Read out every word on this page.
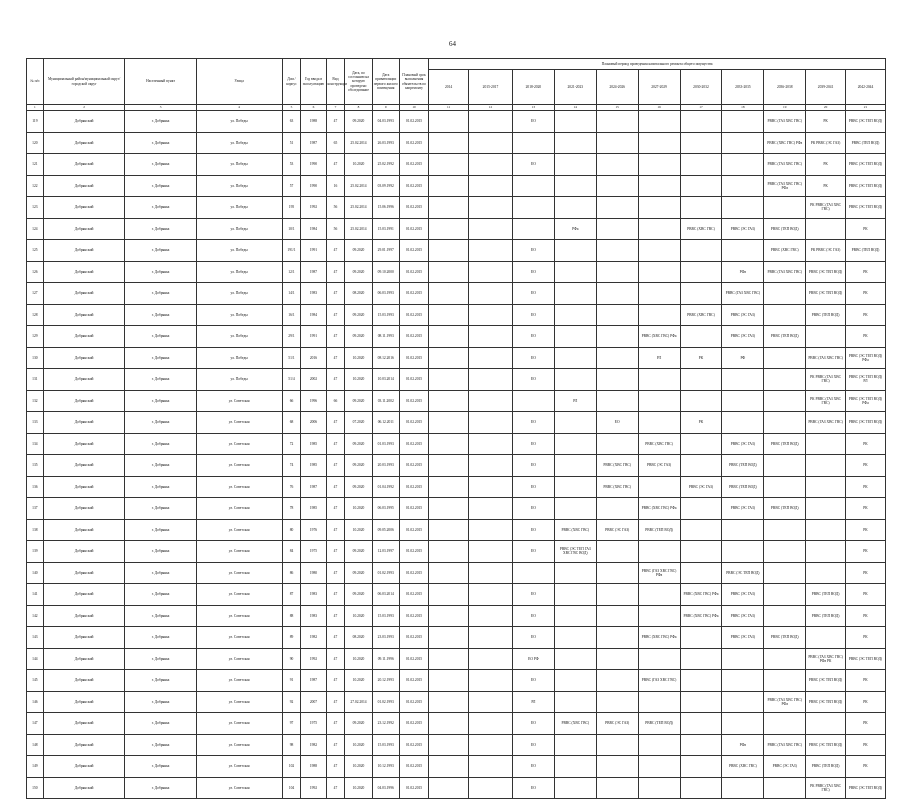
64
№ п/п	Муниципальный район/муниципальный округ/городской округ	Населенный пункт	Улица	Дом / корпус	Год ввода в эксплуатацию	Вид конструкции	Дата, по состоянию на которую проведено обследование	Дата приватизации первого жилого помещения	Плановый срок выполнения обязательств по капремонту	Плановый период проведения капитального ремонта общего имущества										
										2014	2015-2017	2018-2020	2021-2023	2024-2026	2027-2029	2030-2032	2033-2035	2036-2038	2039-2041	2042-2044
1	2	3	4	5	6	7	8	9	10	11	12	13	14	15	16	17	18	19	20	21
119	Добрянский	г. Добрянка	ул. Победы	63	1988	47	09.2020	04.03.1993	01.02.2015			ЕО						РВВС (ГАЗ ХВС ГВС)	РК	РВВС (ЭС ТЕП ВОД)
120	Добрянский	г. Добрянка	ул. Победы	51	1987	65	25.02.2014	26.03.1993	01.02.2015									РВВС (ХВС ГВС) РФа	РК РВВС (ЭС ГАЗ)	РВВС (ТЕП ВОД)
121	Добрянский	г. Добрянка	ул. Победы	53	1990	47	10.2020	25.02.1992	01.02.2015			ЕО						РВВС (ГАЗ ХВС ГВС)	РК	РВВС (ЭС ТЕП ВОД)
122	Добрянский	г. Добрянка	ул. Победы	57	1990	16	25.02.2014	03.09.1992	01.02.2015									РВВС (ГАЗ ХВС ГВС) РФа	РК	РВВС (ЭС ТЕП ВОД)
123	Добрянский	г. Добрянка	ул. Победы	195	1992	56	25.02.2014	15.06.1996	01.02.2015										РК РВВС (ГАЗ ХВС ГВС)	РВВС (ЭС ТЕП ВОД)
124	Добрянский	г. Добрянка	ул. Победы	10/1	1984	56	25.02.2014	15.03.1991	01.02.2015				РФа			РВВС (ХВС ГВС)	РВВС (ЭС ГАЗ)	РВВС (ТЕП ВОД)		РК
125	Добрянский	г. Добрянка	ул. Победы	191/1	1991	47	09.2020	29.01.1997	01.02.2015			ЕО						РВВС (ХВС ГВС)	РК РВВС (ЭС ГАЗ)	РВВС (ТЕП ВОД)
126	Добрянский	г. Добрянка	ул. Победы	12/1	1987	47	09.2020	09.10.2000	01.02.2015			ЕО					РФа	РВВС (ГАЗ ХВС ГВС)	РВВС (ЭС ТЕП ВОД)	РК
127	Добрянский	г. Добрянка	ул. Победы	14/1	1983	47	08.2020	06.03.1993	01.02.2015			ЕО					РВВС (ГАЗ ХВС ГВС)		РВВС (ЭС ТЕП ВОД)	РК
128	Добрянский	г. Добрянка	ул. Победы	16/1	1984	47	09.2020	15.03.1993	01.02.2015			ЕО				РВВС (ХВС ГВС)	РВВС (ЭС ГАЗ)		РВВС (ТЕП ВОД)	РК
129	Добрянский	г. Добрянка	ул. Победы	29/1	1991	47	09.2020	08.11.1993	01.02.2015			ЕО			РВВС (ХВС ГВС) РФа		РВВС (ЭС ГАЗ)	РВВС (ТЕП ВОД)		РК
130	Добрянский	г. Добрянка	ул. Победы	51/1	2016	47	10.2020	08.12.2016	01.02.2015			ЕО			РЛ	РК	РФ		РВВС (ГАЗ ХВС ГВС)	РВВС (ЭС ТЕП ВОД) РФа
131	Добрянский	г. Добрянка	ул. Победы	51/4	2002	47	10.2020	10.03.2014	01.02.2015			ЕО							РК РВВС (ГАЗ ХВС ГВС)	РВВС (ЭС ТЕП ВОД) РЛ
132	Добрянский	г. Добрянка	ул. Советская	66	1996	66	09.2020	03.11.2002	01.02.2015				РЛ						РК РВВС (ГАЗ ХВС ГВС)	РВВС (ЭС ТЕП ВОД) РФа
133	Добрянский	г. Добрянка	ул. Советская	68	2006	47	07.2020	06.12.2011	01.02.2015			ЕО		ЕО		РК			РВВС (ГАЗ ХВС ГВС)	РВВС (ЭС ТЕП ВОД)
134	Добрянский	г. Добрянка	ул. Советская	72	1985	47	09.2020	01.03.1993	01.02.2015			ЕО			РВВС (ХВС ГВС)		РВВС (ЭС ГАЗ)	РВВС (ТЕП ВОД)		РК
135	Добрянский	г. Добрянка	ул. Советская	74	1985	47	09.2020	20.03.1993	01.02.2015			ЕО		РВВС (ХВС ГВС)	РВВС (ЭС ГАЗ)		РВВС (ТЕП ВОД)			РК
136	Добрянский	г. Добрянка	ул. Советская	76	1987	47	09.2020	01.04.1992	01.02.2015			ЕО		РВВС (ХВС ГВС)		РВВС (ЭС ГАЗ)	РВВС (ТЕП ВОД)			РК
137	Добрянский	г. Добрянка	ул. Советская	78	1985	47	10.2020	06.03.1995	01.02.2015			ЕО			РВВС (ХВС ГВС) РФа		РВВС (ЭС ГАЗ)	РВВС (ТЕП ВОД)		РК
138	Добрянский	г. Добрянка	ул. Советская	80	1976	47	10.2020	09.05.2006	01.02.2015			ЕО	РВВС (ХВС ГВС)	РВВС (ЭС ГАЗ)	РВВС (ТЕП ВОД)					РК
139	Добрянский	г. Добрянка	ул. Советская	84	1975	47	09.2020	12.03.1997	01.02.2015			ЕО	РВВС (ЭС ТЕП ГАЗ ХВС ГВС ВОД)							РК
140	Добрянский	г. Добрянка	ул. Советская	86	1980	47	09.2020	01.02.1993	01.02.2015						РВВС (ГАЗ ХВС ГВС) РФа		РВВС (ЭС ТЕП ВОД)			РК
141	Добрянский	г. Добрянка	ул. Советская	87	1983	47	09.2020	06.03.2014	01.02.2015			ЕО				РВВС (ХВС ГВС) РФа	РВВС (ЭС ГАЗ)		РВВС (ТЕП ВОД)	РК
142	Добрянский	г. Добрянка	ул. Советская	88	1983	47	10.2020	15.03.1993	01.02.2015			ЕО				РВВС (ХВС ГВС) РФа	РВВС (ЭС ГАЗ)		РВВС (ТЕП ВОД)	РК
143	Добрянский	г. Добрянка	ул. Советская	89	1982	47	08.2020	23.03.1993	01.02.2015			ЕО			РВВС (ХВС ГВС) РФа		РВВС (ЭС ГАЗ)	РВВС (ТЕП ВОД)		РК
144	Добрянский	г. Добрянка	ул. Советская	90	1992	47	10.2020	09.11.1996	01.02.2015			ЕО РФ							РВВС (ГАЗ ХВС ГВС) РФа РК	РВВС (ЭС ТЕП ВОД)
145	Добрянский	г. Добрянка	ул. Советская	91	1987	47	10.2020	20.12.1993	01.02.2015			ЕО			РВВС (ГАЗ ХВС ГВС)				РВВС (ЭС ТЕП ВОД)	РК
146	Добрянский	г. Добрянка	ул. Советская	92	2007	47	27.02.2014	01.02.1993	01.02.2015			РЛ						РВВС (ГАЗ ХВС ГВС) РФа	РВВС (ЭС ТЕП ВОД)	РК
147	Добрянский	г. Добрянка	ул. Советская	97	1975	47	09.2020	23.12.1992	01.02.2015			ЕО	РВВС (ХВС ГВС)	РВВС (ЭС ГАЗ)	РВВС (ТЕП ВОД)					РК
148	Добрянский	г. Добрянка	ул. Советская	98	1982	47	10.2020	15.03.1993	01.02.2015			ЕО					РФа	РВВС (ГАЗ ХВС ГВС)	РВВС (ЭС ТЕП ВОД)	РК
149	Добрянский	г. Добрянка	ул. Советская	102	1988	47	10.2020	10.12.1993	01.02.2015			ЕО					РВВС (ХВС ГВС)	РВВС (ЭС ГАЗ)	РВВС (ТЕП ВОД)	РК
150	Добрянский	г. Добрянка	ул. Советская	104	1992	47	10.2020	04.03.1996	01.02.2015			ЕО							РК РВВС (ГАЗ ХВС ГВС)	РВВС (ЭС ТЕП ВОД)
